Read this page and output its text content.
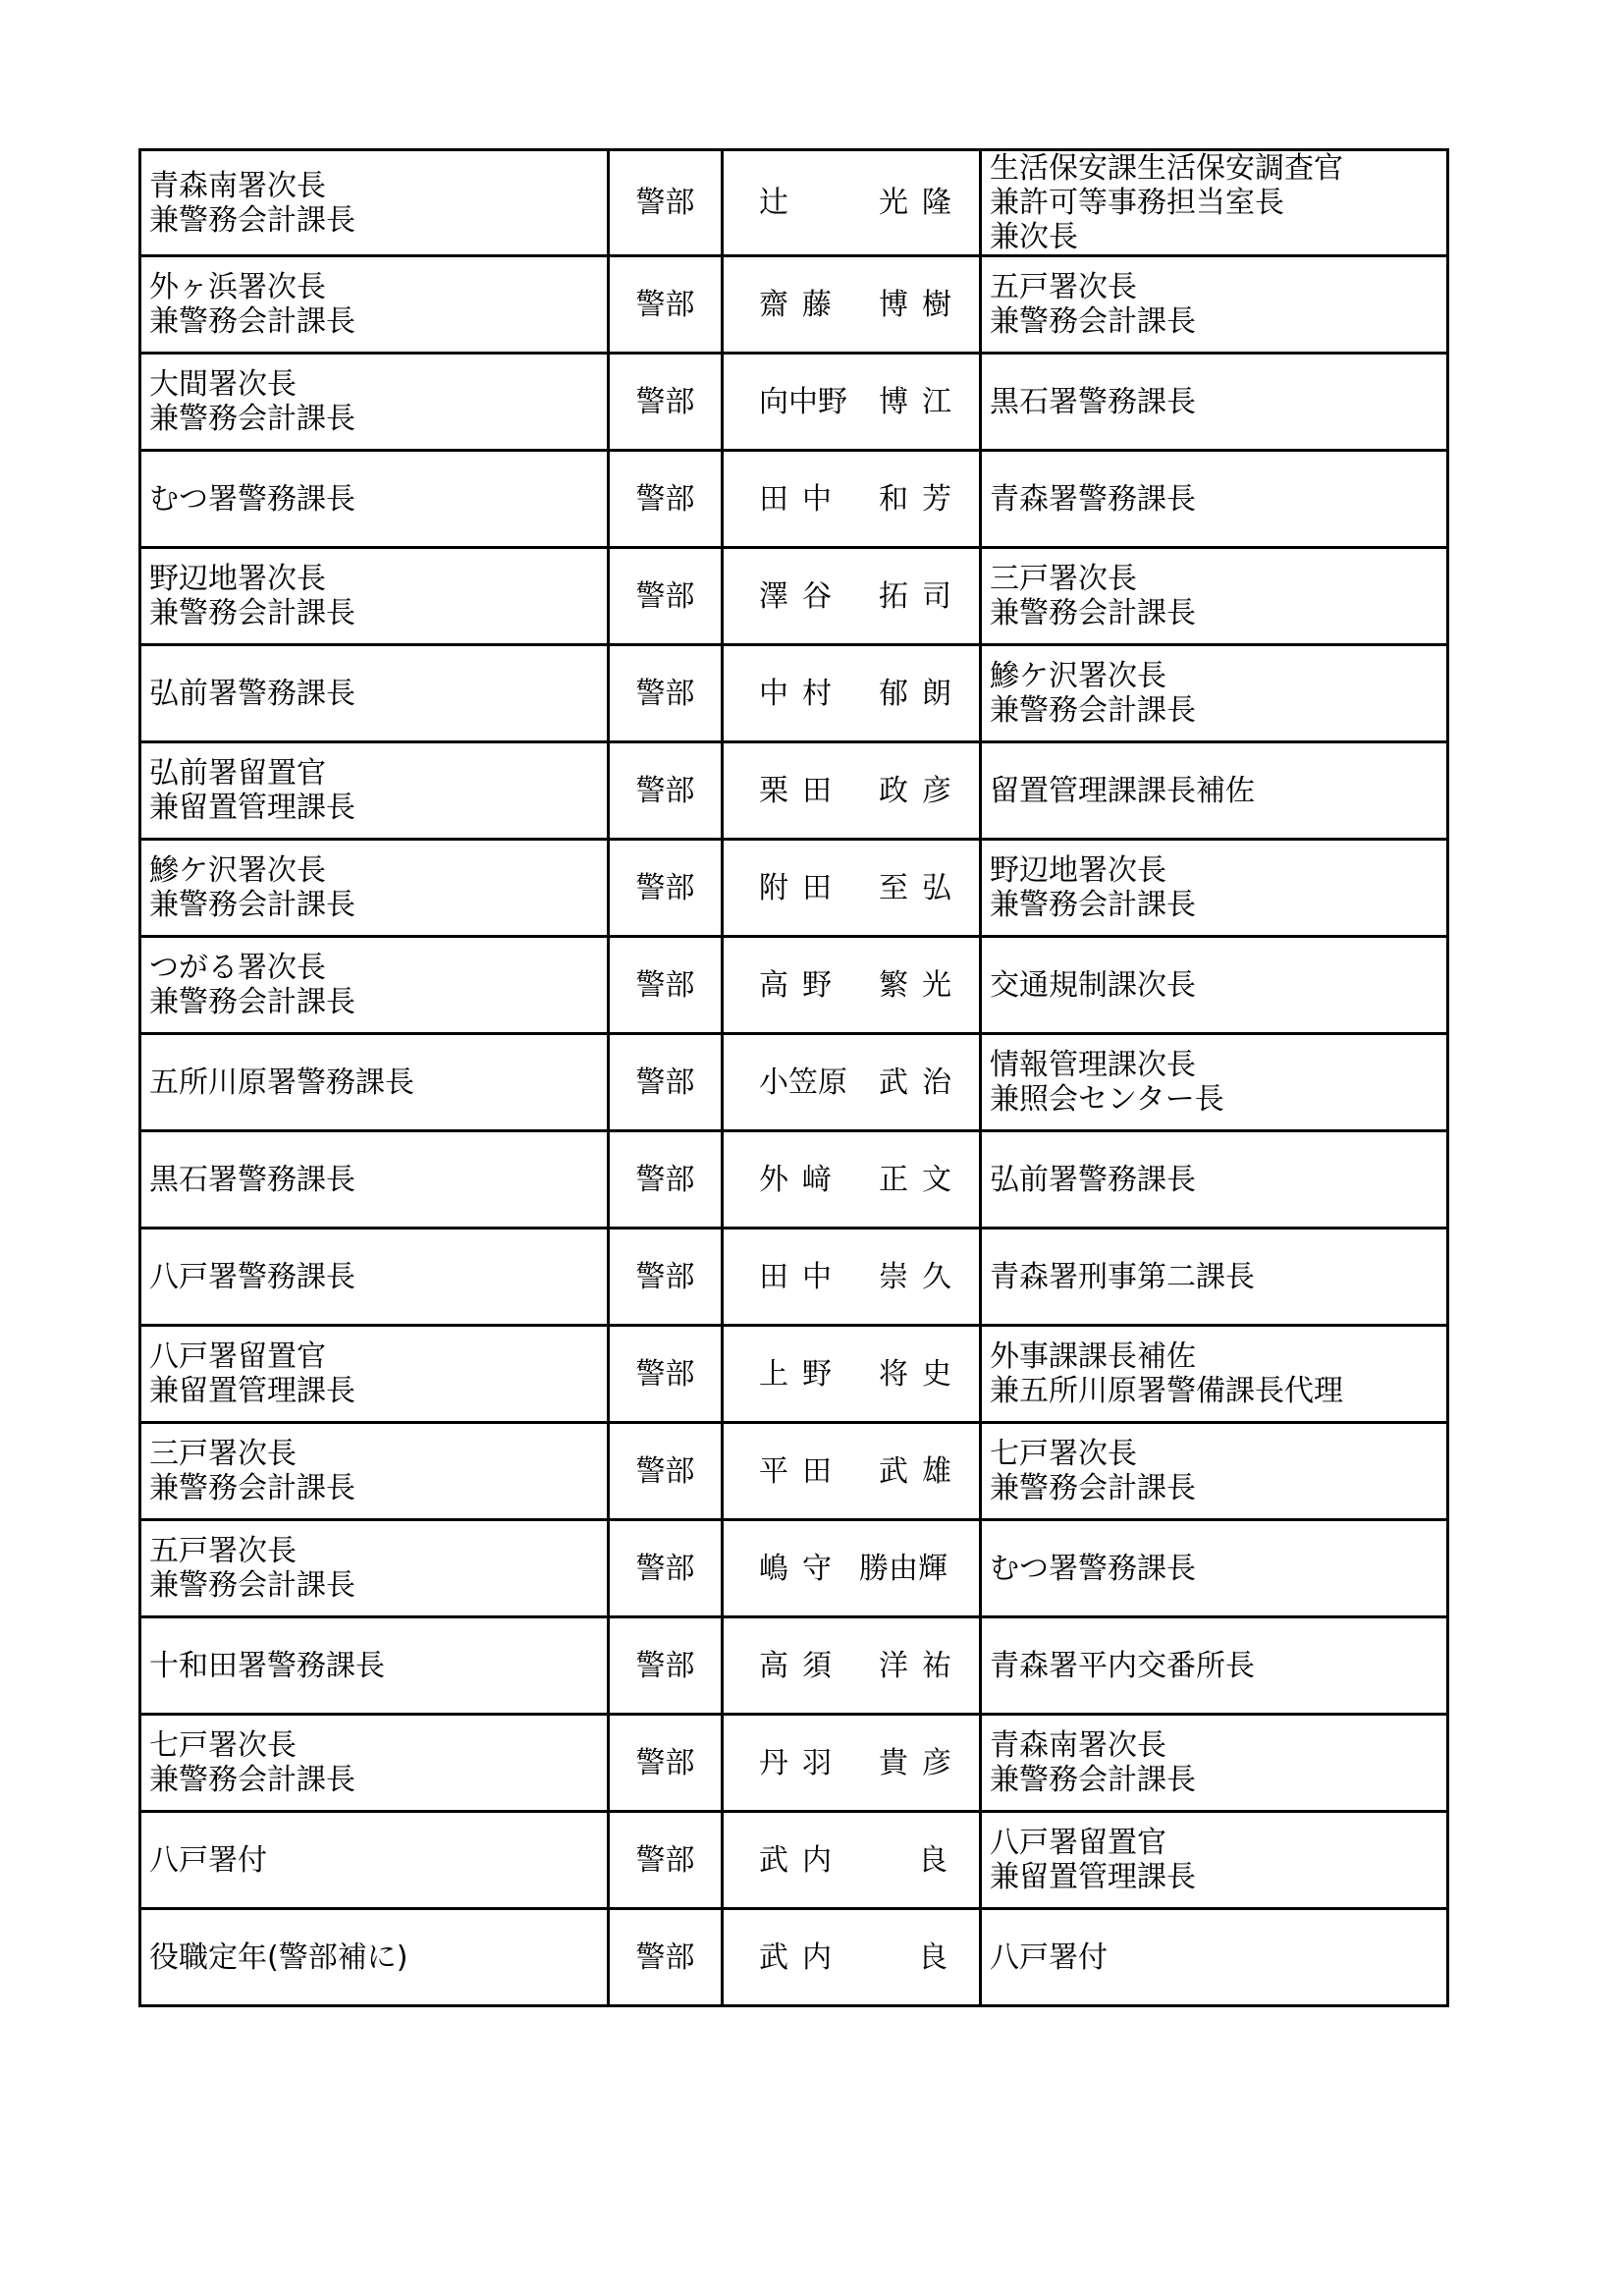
青森南署次長
兼警務会計課長	警部	辻 光 隆	生活保安課生活保安調査官
兼許可等事務担当室長
兼次長

外ヶ浜署次長
兼警務会計課長	警部	齋 藤 博 樹	五戸署次長
兼警務会計課長

大間署次長
兼警務会計課長	警部	向 中 野 博 江	黒石署警務課長

むつ署警務課長	警部	田 中 和 芳	青森署警務課長

野辺地署次長
兼警務会計課長	警部	澤 谷 拓 司	三戸署次長
兼警務会計課長

弘前署警務課長	警部	中 村 郁 朗	鰺ケ沢署次長
兼警務会計課長

弘前署留置官
兼留置管理課長	警部	栗 田 政 彦	留置管理課課長補佐

鰺ケ沢署次長
兼警務会計課長	警部	附 田 至 弘	野辺地署次長
兼警務会計課長

つがる署次長
兼警務会計課長	警部	高 野 繁 光	交通規制課次長

五所川原署警務課長	警部	小 笠 原 武 治	情報管理課次長
兼照会センター長

黒石署警務課長	警部	外 﨑 正 文	弘前署警務課長

八戸署警務課長	警部	田 中 崇 久	青森署刑事第二課長

八戸署留置官
兼留置管理課長	警部	上 野 将 史	外事課課長補佐
兼五所川原署警備課長代理

三戸署次長
兼警務会計課長	警部	平 田 武 雄	七戸署次長
兼警務会計課長

五戸署次長
兼警務会計課長	警部	嶋 守 勝 由 輝	むつ署警務課長

十和田署警務課長	警部	高 須 洋 祐	青森署平内交番所長

七戸署次長
兼警務会計課長	警部	丹 羽 貴 彦	青森南署次長
兼警務会計課長

八戸署付	警部	武 内 良	八戸署留置官
兼留置管理課長

役職定年(警部補に)	警部	武 内 良	八戸署付
